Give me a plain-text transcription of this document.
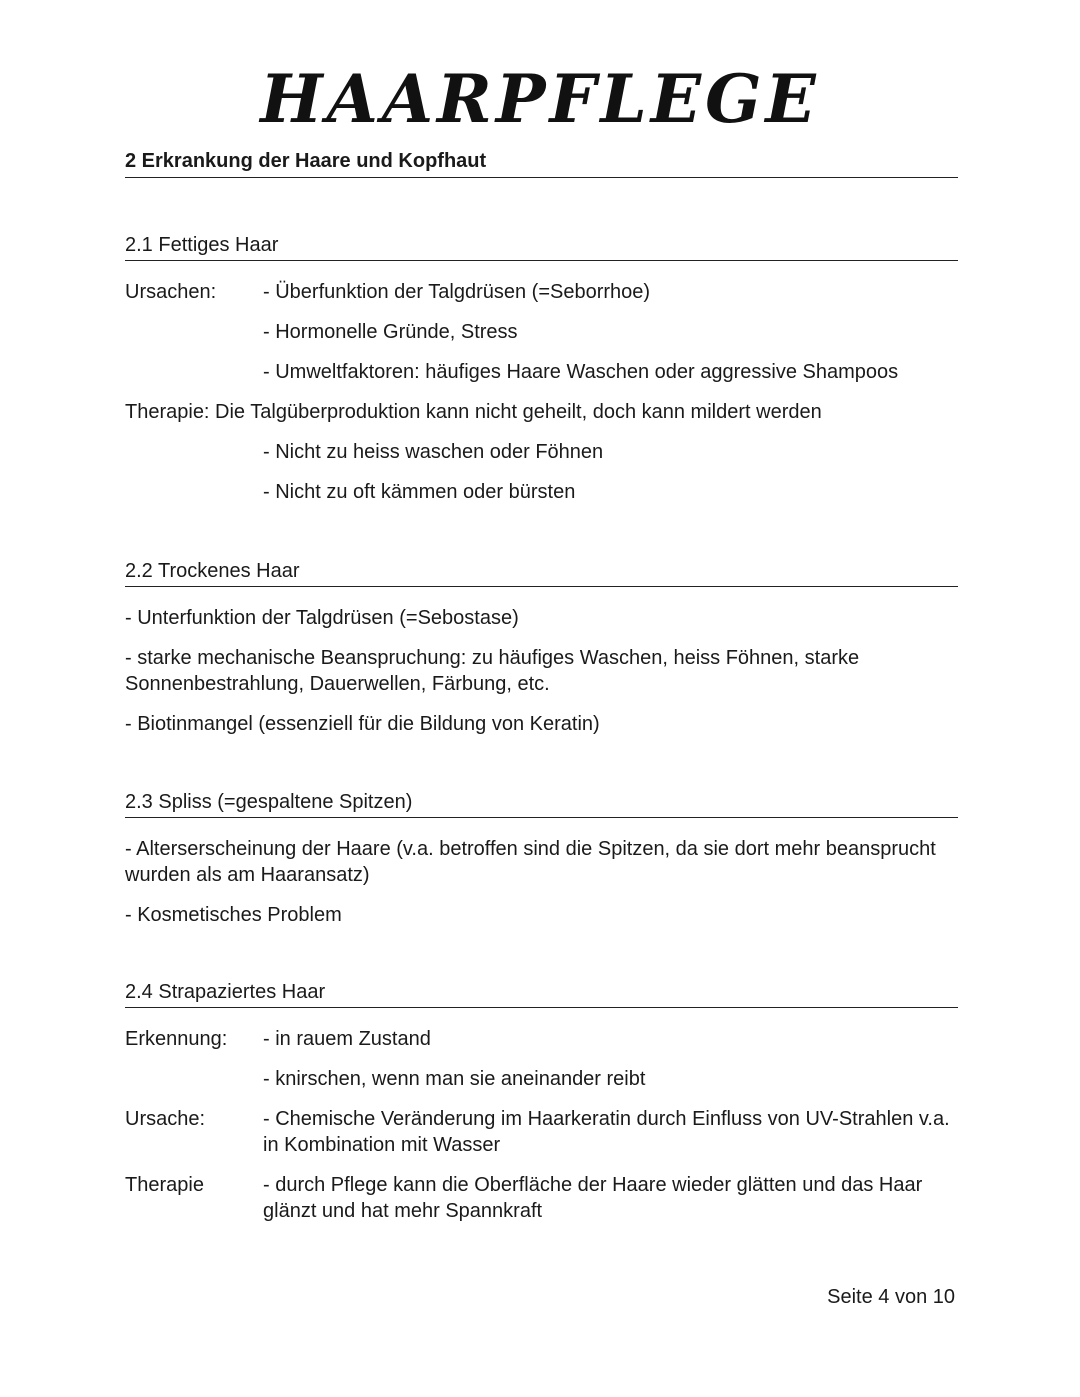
HAARPFLEGE
2 Erkrankung der Haare und Kopfhaut
2.1 Fettiges Haar
Ursachen:	- Überfunktion der Talgdrüsen (=Seborrhoe)
- Hormonelle Gründe, Stress
- Umweltfaktoren: häufiges Haare Waschen oder aggressive Shampoos
Therapie: Die Talgüberproduktion kann nicht geheilt, doch kann mildert werden
- Nicht zu heiss waschen oder Föhnen
- Nicht zu oft kämmen oder bürsten
2.2 Trockenes Haar
- Unterfunktion der Talgdrüsen (=Sebostase)
- starke mechanische Beanspruchung: zu häufiges Waschen, heiss Föhnen, starke Sonnenbestrahlung, Dauerwellen, Färbung, etc.
- Biotinmangel (essenziell für die Bildung von Keratin)
2.3 Spliss (=gespaltene Spitzen)
- Alterserscheinung der Haare (v.a. betroffen sind die Spitzen, da sie dort mehr beansprucht wurden als am Haaransatz)
- Kosmetisches Problem
2.4 Strapaziertes Haar
Erkennung:	- in rauem Zustand
- knirschen, wenn man sie aneinander reibt
Ursache:	- Chemische Veränderung im Haarkeratin durch Einfluss von UV-Strahlen v.a. in Kombination mit Wasser
Therapie	- durch Pflege kann die Oberfläche der Haare wieder glätten und das Haar glänzt und hat mehr Spannkraft
Seite 4 von 10
